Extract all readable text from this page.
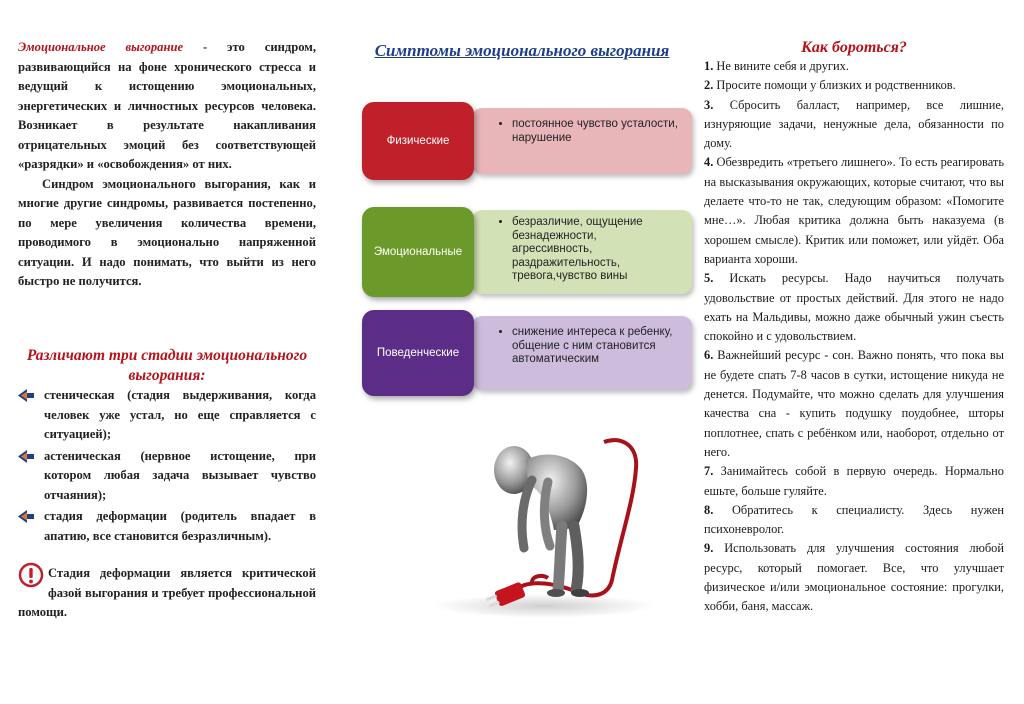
Эмоциональное выгорание - это синдром, развивающийся на фоне хронического стресса и ведущий к истощению эмоциональных, энергетических и личностных ресурсов человека. Возникает в результате накапливания отрицательных эмоций без соответствующей «разрядки» и «освобождения» от них.

Синдром эмоционального выгорания, как и многие другие синдромы, развивается постепенно, по мере увеличения количества времени, проводимого в эмоционально напряженной ситуации. И надо понимать, что выйти из него быстро не получится.

Различают три стадии эмоционального выгорания:
стеническая (стадия выдерживания, когда человек уже устал, но еще справляется с ситуацией);
астеническая (нервное истощение, при котором любая задача вызывает чувство отчаяния);
стадия деформации (родитель впадает в апатию, все становится безразличным).
Стадия деформации является критической фазой выгорания и требует профессиональной помощи.
Симптомы эмоционального выгорания
• постоянное чувство усталости, нарушение
Физические
• безразличие, ощущение безнадежности, агрессивность, раздражительность, тревога,чувство вины
Эмоциональные
• снижение интереса к ребенку, общение с ним становится автоматическим
Поведенческие
Как бороться?
1. Не вините себя и других.
2. Просите помощи у близких и родственников.
3. Сбросить балласт, например, все лишние, изнуряющие задачи, ненужные дела, обязанности по дому.
4. Обезвредить «третьего лишнего». То есть реагировать на высказывания окружающих, которые считают, что вы делаете что-то не так, следующим образом: «Помогите мне…». Любая критика должна быть наказуема (в хорошем смысле). Критик или поможет, или уйдёт. Оба варианта хороши.
5. Искать ресурсы. Надо научиться получать удовольствие от простых действий. Для этого не надо ехать на Мальдивы, можно даже обычный ужин съесть спокойно и с удовольствием.
6. Важнейший ресурс - сон. Важно понять, что пока вы не будете спать 7-8 часов в сутки, истощение никуда не денется. Подумайте, что можно сделать для улучшения качества сна - купить подушку поудобнее, шторы поплотнее, спать с ребёнком или, наоборот, отдельно от него.
7. Занимайтесь собой в первую очередь. Нормально ешьте, больше гуляйте.
8. Обратитесь к специалисту. Здесь нужен психоневролог.
9. Использовать для улучшения состояния любой ресурс, который помогает. Все, что улучшает физическое и/или эмоциональное состояние: прогулки, хобби, баня, массаж.
